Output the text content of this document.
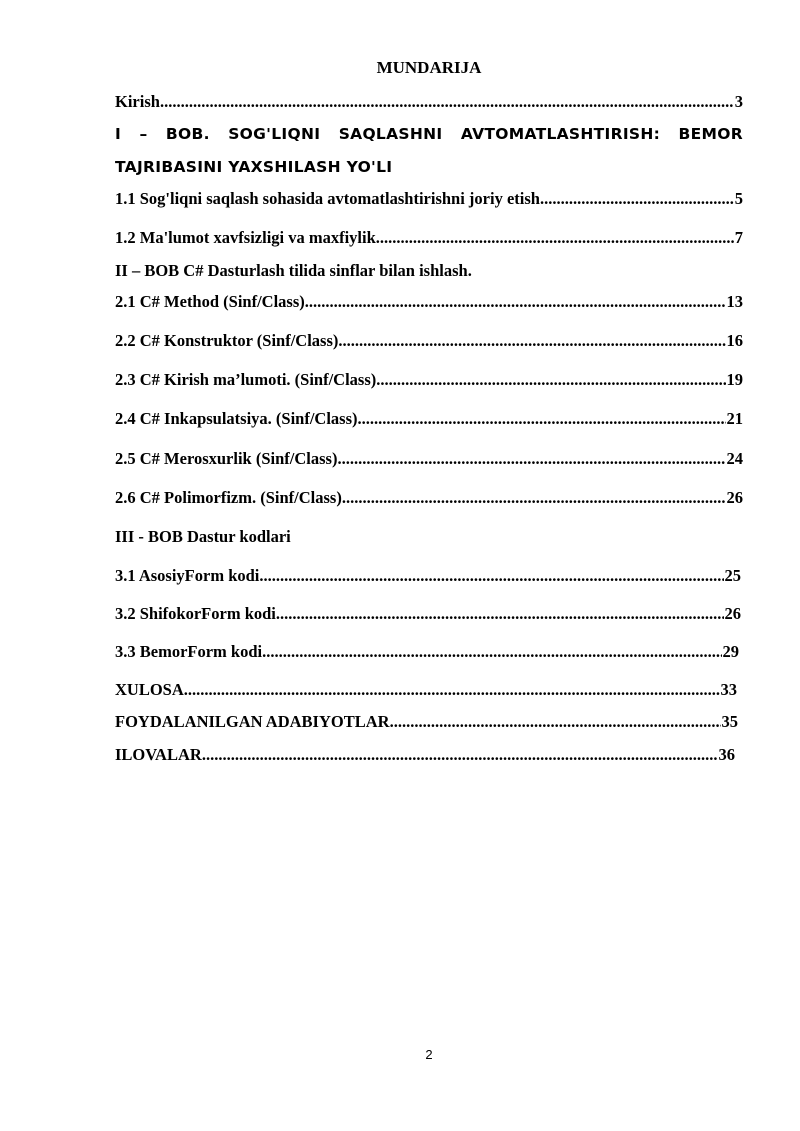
MUNDARIJA
Kirish .....	3
I – BOB. SOG'LIQNI SAQLASHNI AVTOMATLASHTIRISH: BEMOR
TAJRIBASINI YAXSHILASH YO'LI
1.1 Sog'liqni saqlash sohasida avtomatlashtirishni joriy etish .....	5
1.2 Ma'lumot xavfsizligi va maxfiylik .....	7
II – BOB C# Dasturlash tilida sinflar bilan ishlash.
2.1 C# Method (Sinf/Class) .....	13
2.2 C# Konstruktor (Sinf/Class) .....	16
2.3 C# Kirish ma’lumoti. (Sinf/Class) .....	19
2.4 C# Inkapsulatsiya. (Sinf/Class) .....	21
2.5 C# Merosxurlik (Sinf/Class) .....	24
2.6 C# Polimorfizm. (Sinf/Class) .....	26
III - BOB Dastur kodlari
3.1 AsosiyForm kodi .....	25
3.2 ShifokorForm kodi .....	26
3.3 BemorForm kodi .....	29
XULOSA .....	33
FOYDALANILGAN ADABIYOTLAR .....	35
ILOVALAR .....	36
2
